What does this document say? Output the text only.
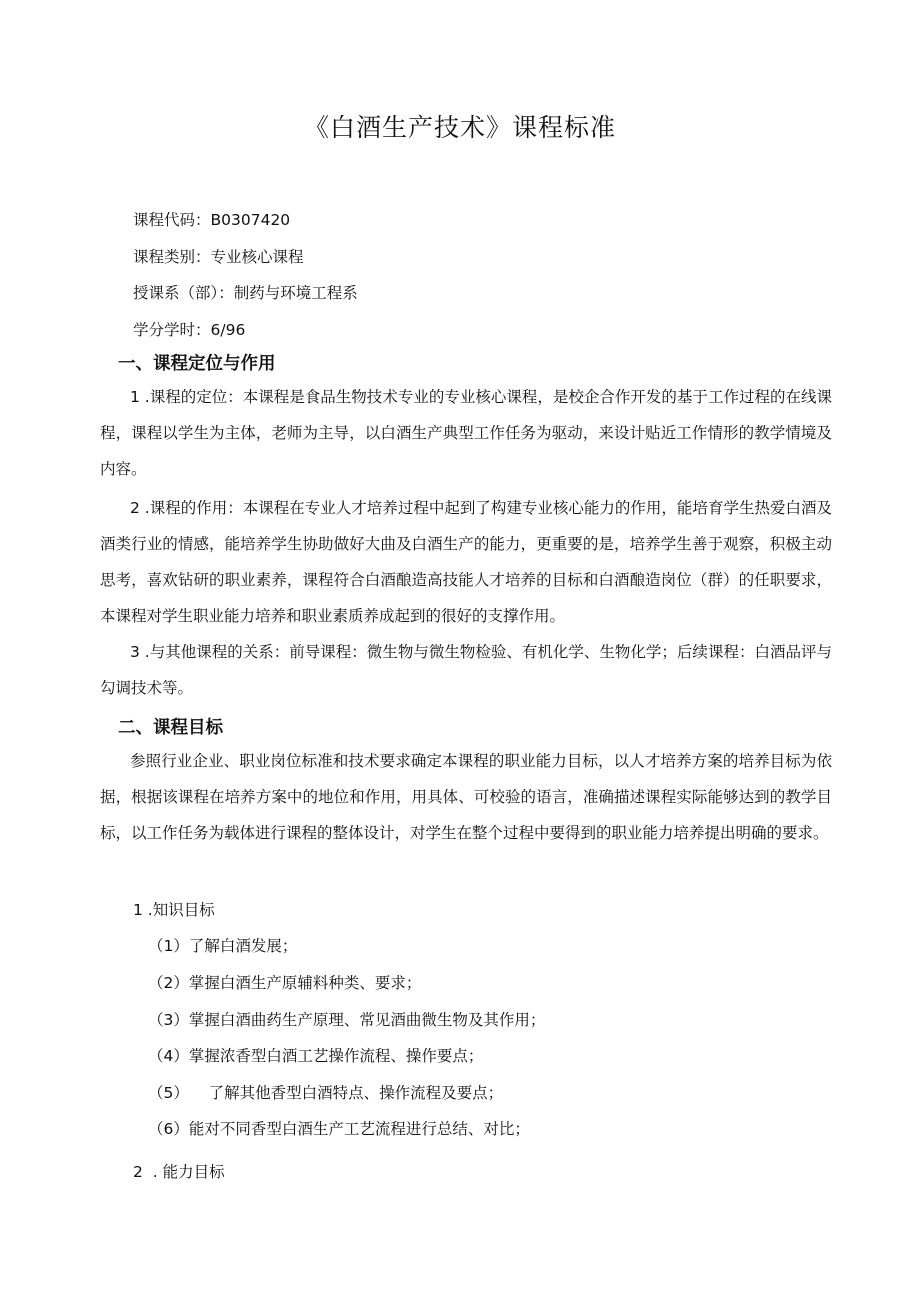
《白酒生产技术》课程标准
课程代码：B0307420
课程类别：专业核心课程
授课系（部）：制药与环境工程系
学分学时：6/96
一、课程定位与作用

1 .课程的定位：本课程是食品生物技术专业的专业核心课程，是校企合作开发的基于工作过程的在线课程，课程以学生为主体，老师为主导，以白酒生产典型工作任务为驱动，来设计贴近工作情形的教学情境及内容。

2 .课程的作用：本课程在专业人才培养过程中起到了构建专业核心能力的作用，能培育学生热爱白酒及酒类行业的情感，能培养学生协助做好大曲及白酒生产的能力，更重要的是，培养学生善于观察，积极主动思考，喜欢钻研的职业素养，课程符合白酒酿造高技能人才培养的目标和白酒酿造岗位（群）的任职要求，本课程对学生职业能力培养和职业素质养成起到的很好的支撑作用。

3 .与其他课程的关系：前导课程：微生物与微生物检验、有机化学、生物化学；后续课程：白酒品评与勾调技术等。

二、课程目标

参照行业企业、职业岗位标准和技术要求确定本课程的职业能力目标，以人才培养方案的培养目标为依据，根据该课程在培养方案中的地位和作用，用具体、可校验的语言，准确描述课程实际能够达到的教学目标，以工作任务为载体进行课程的整体设计，对学生在整个过程中要得到的职业能力培养提出明确的要求。

1 .知识目标
（1）了解白酒发展；
（2）掌握白酒生产原辅料种类、要求；
（3）掌握白酒曲药生产原理、常见酒曲微生物及其作用；
（4）掌握浓香型白酒工艺操作流程、操作要点；
（5）    了解其他香型白酒特点、操作流程及要点；
（6）能对不同香型白酒生产工艺流程进行总结、对比；
2  . 能力目标
